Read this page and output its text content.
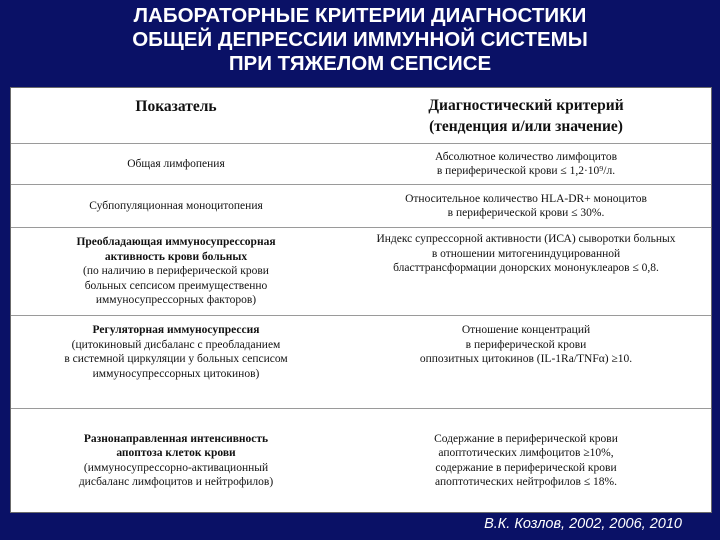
ЛАБОРАТОРНЫЕ КРИТЕРИИ ДИАГНОСТИКИ
ОБЩЕЙ ДЕПРЕССИИ ИММУННОЙ СИСТЕМЫ
ПРИ ТЯЖЕЛОМ СЕПСИСЕ
Показатель	Диагностический критерий
(тенденция и/или значение)
Общая лимфопения
Абсолютное количество лимфоцитов
в периферической крови ≤ 1,2·10⁹/л.
Субпопуляционная моноцитопения
Относительное количество HLA-DR+ моноцитов
в периферической крови ≤ 30%.
Преобладающая иммуносупрессорная
активность крови больных
(по наличию в периферической крови
больных сепсисом преимущественно
иммуносупрессорных факторов)
Индекс супрессорной активности (ИСА) сыворотки больных
в отношении митогениндуцированной
бласттрансформации донорских мононуклеаров ≤ 0,8.
Регуляторная иммуносупрессия
(цитокиновый дисбаланс с преобладанием
в системной циркуляции у больных сепсисом
иммуносупрессорных цитокинов)
Отношение концентраций
в периферической крови
оппозитных цитокинов (IL-1Ra/TNFα) ≥10.
Разнонаправленная интенсивность
апоптоза клеток крови
(иммуносупрессорно-активационный
дисбаланс лимфоцитов и нейтрофилов)
Содержание в периферической крови
апоптотических лимфоцитов ≥10%,
содержание в периферической крови
апоптотических нейтрофилов ≤ 18%.
В.К. Козлов, 2002, 2006, 2010
